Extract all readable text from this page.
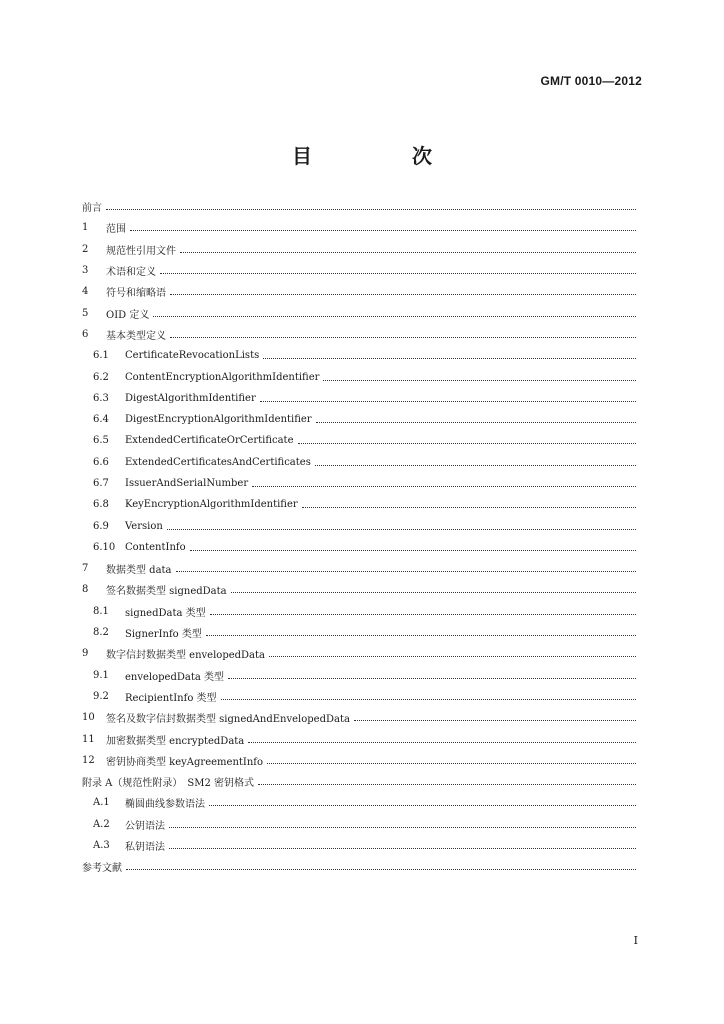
GM/T 0010—2012
目　次
前言
1	范围
2	规范性引用文件
3	术语和定义
4	符号和缩略语
5	OID 定义
6	基本类型定义
6.1	CertificateRevocationLists
6.2	ContentEncryptionAlgorithmIdentifier
6.3	DigestAlgorithmIdentifier
6.4	DigestEncryptionAlgorithmIdentifier
6.5	ExtendedCertificateOrCertificate
6.6	ExtendedCertificatesAndCertificates
6.7	IssuerAndSerialNumber
6.8	KeyEncryptionAlgorithmIdentifier
6.9	Version
6.10 ContentInfo
7	数据类型 data
8	签名数据类型 signedData
8.1	signedData 类型
8.2	SignerInfo 类型
9	数字信封数据类型 envelopedData
9.1	envelopedData 类型
9.2	RecipientInfo 类型
10	签名及数字信封数据类型 signedAndEnvelopedData
11	加密数据类型 encryptedData
12	密钥协商类型 keyAgreementInfo
附录 A（规范性附录）　SM2 密钥格式
A.1	椭圆曲线参数语法
A.2	公钥语法
A.3	私钥语法
参考文献
I
